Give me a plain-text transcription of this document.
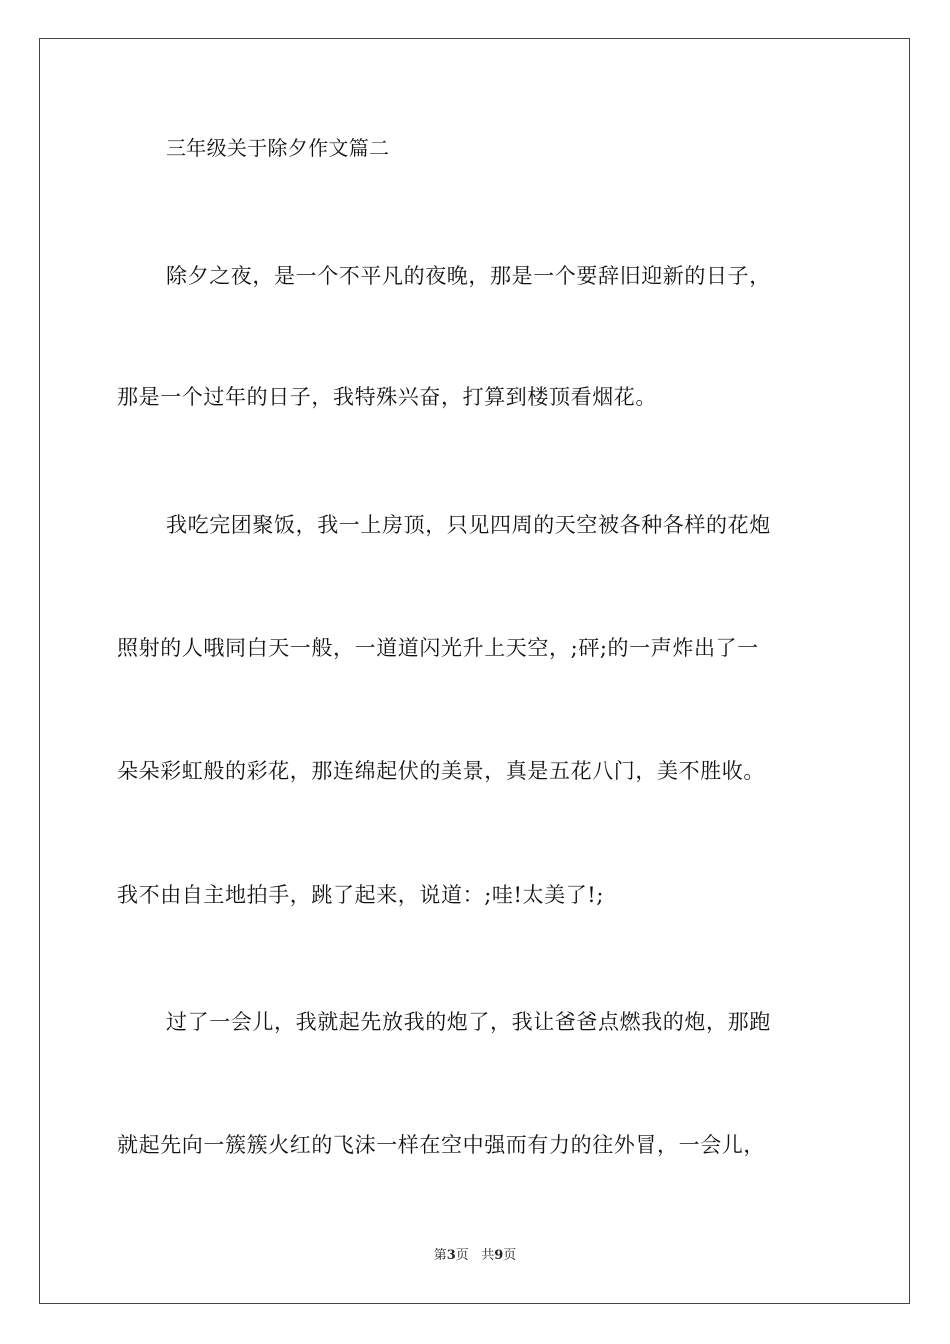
三年级关于除夕作文篇二
除夕之夜，是一个不平凡的夜晚，那是一个要辞旧迎新的日子，
那是一个过年的日子，我特殊兴奋，打算到楼顶看烟花。
我吃完团聚饭，我一上房顶，只见四周的天空被各种各样的花炮
照射的人哦同白天一般，一道道闪光升上天空，;砰;的一声炸出了一
朵朵彩虹般的彩花，那连绵起伏的美景，真是五花八门，美不胜收。
我不由自主地拍手，跳了起来，说道：;哇!太美了!;
过了一会儿，我就起先放我的炮了，我让爸爸点燃我的炮，那跑
就起先向一簇簇火红的飞沫一样在空中强而有力的往外冒，一会儿，
第3页 共9页
